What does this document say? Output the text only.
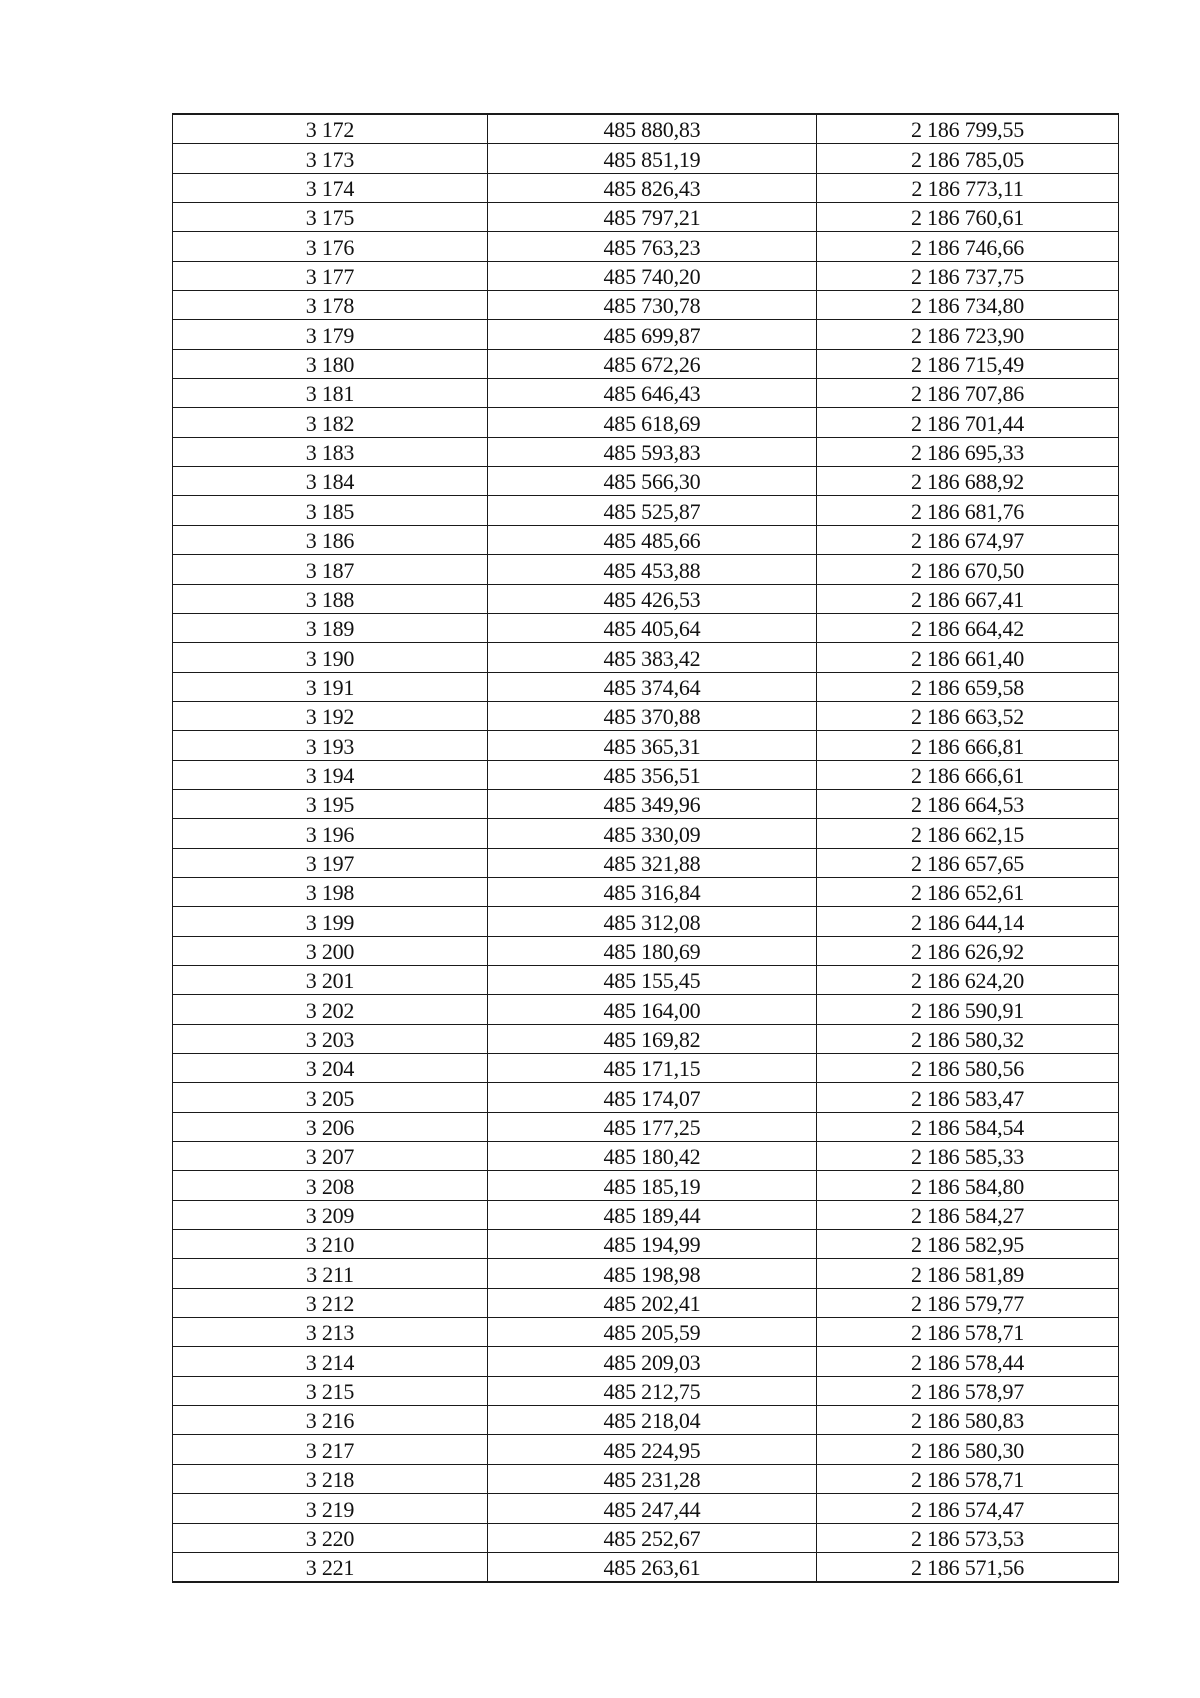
3 172	485 880,83	2 186 799,55
3 173	485 851,19	2 186 785,05
3 174	485 826,43	2 186 773,11
3 175	485 797,21	2 186 760,61
3 176	485 763,23	2 186 746,66
3 177	485 740,20	2 186 737,75
3 178	485 730,78	2 186 734,80
3 179	485 699,87	2 186 723,90
3 180	485 672,26	2 186 715,49
3 181	485 646,43	2 186 707,86
3 182	485 618,69	2 186 701,44
3 183	485 593,83	2 186 695,33
3 184	485 566,30	2 186 688,92
3 185	485 525,87	2 186 681,76
3 186	485 485,66	2 186 674,97
3 187	485 453,88	2 186 670,50
3 188	485 426,53	2 186 667,41
3 189	485 405,64	2 186 664,42
3 190	485 383,42	2 186 661,40
3 191	485 374,64	2 186 659,58
3 192	485 370,88	2 186 663,52
3 193	485 365,31	2 186 666,81
3 194	485 356,51	2 186 666,61
3 195	485 349,96	2 186 664,53
3 196	485 330,09	2 186 662,15
3 197	485 321,88	2 186 657,65
3 198	485 316,84	2 186 652,61
3 199	485 312,08	2 186 644,14
3 200	485 180,69	2 186 626,92
3 201	485 155,45	2 186 624,20
3 202	485 164,00	2 186 590,91
3 203	485 169,82	2 186 580,32
3 204	485 171,15	2 186 580,56
3 205	485 174,07	2 186 583,47
3 206	485 177,25	2 186 584,54
3 207	485 180,42	2 186 585,33
3 208	485 185,19	2 186 584,80
3 209	485 189,44	2 186 584,27
3 210	485 194,99	2 186 582,95
3 211	485 198,98	2 186 581,89
3 212	485 202,41	2 186 579,77
3 213	485 205,59	2 186 578,71
3 214	485 209,03	2 186 578,44
3 215	485 212,75	2 186 578,97
3 216	485 218,04	2 186 580,83
3 217	485 224,95	2 186 580,30
3 218	485 231,28	2 186 578,71
3 219	485 247,44	2 186 574,47
3 220	485 252,67	2 186 573,53
3 221	485 263,61	2 186 571,56
